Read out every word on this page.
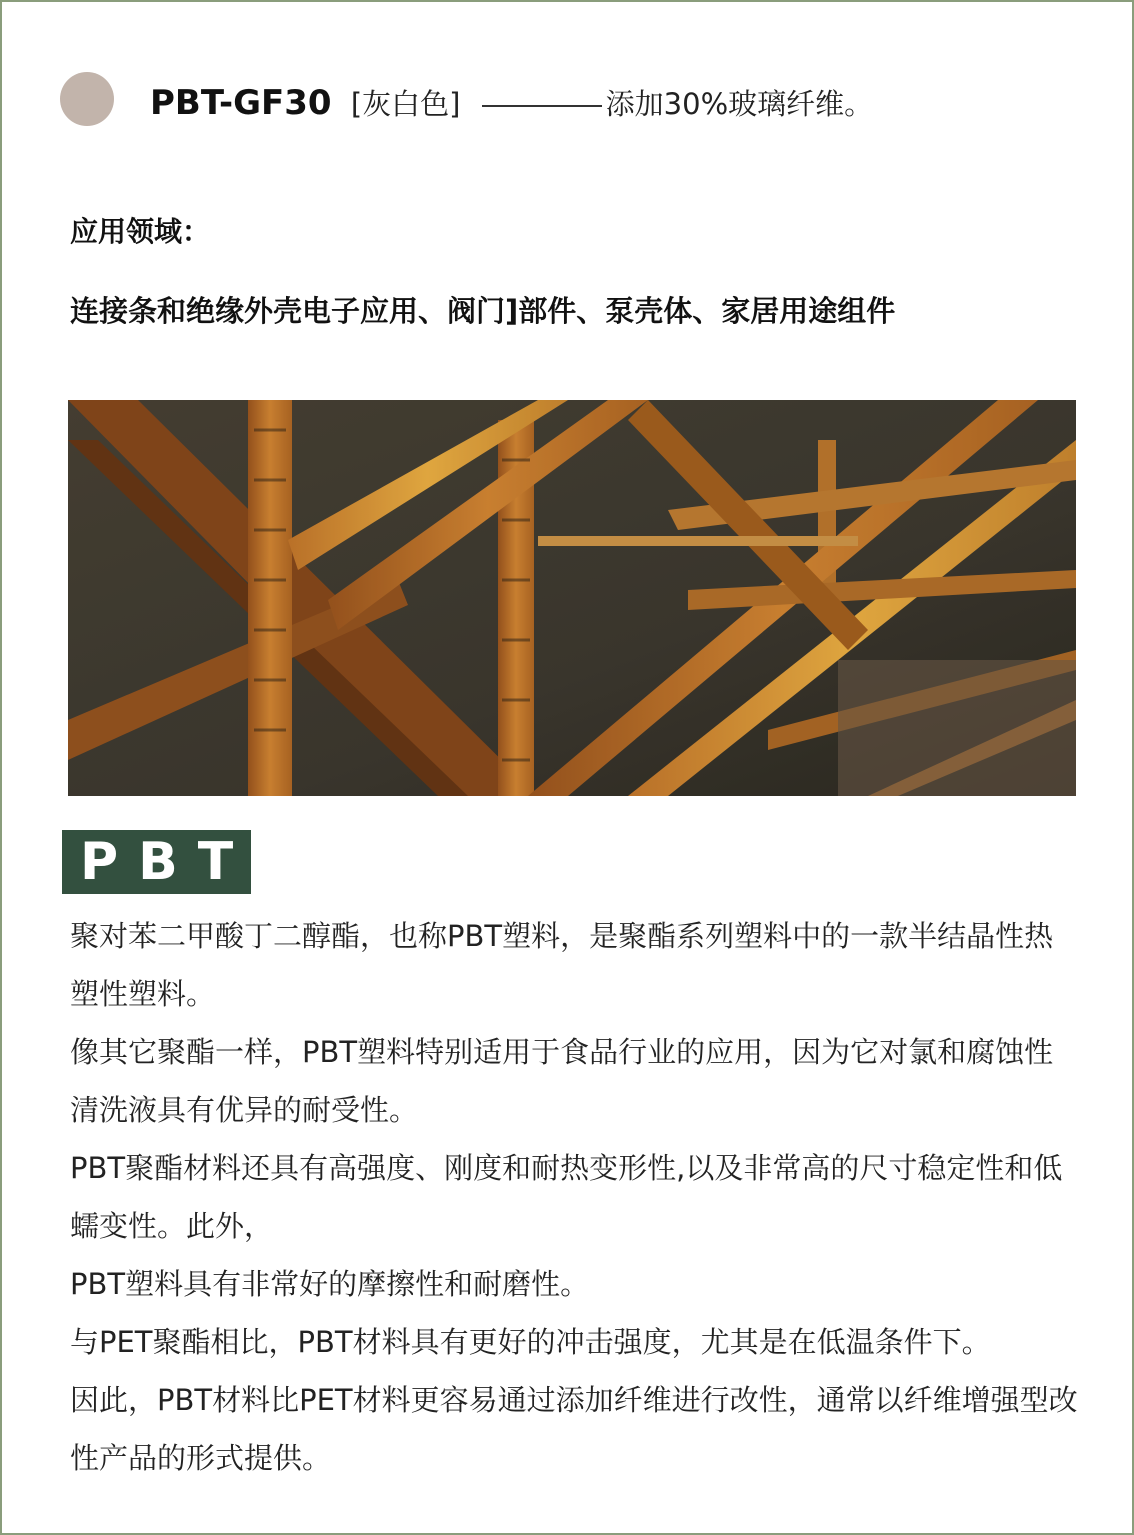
PBT-GF30 [灰白色]	添加30%玻璃纤维。
应用领域：
连接条和绝缘外壳电子应用、阀门]部件、泵壳体、家居用途组件
PBT

聚对苯二甲酸丁二醇酯，也称PBT塑料，是聚酯系列塑料中的一款半结晶性热塑性塑料。

像其它聚酯一样，PBT塑料特别适用于食品行业的应用，因为它对氯和腐蚀性清洗液具有优异的耐受性。

PBT聚酯材料还具有高强度、刚度和耐热变形性,以及非常高的尺寸稳定性和低蠕变性。此外，

PBT塑料具有非常好的摩擦性和耐磨性。

与PET聚酯相比，PBT材料具有更好的冲击强度，尤其是在低温条件下。

因此，PBT材料比PET材料更容易通过添加纤维进行改性，通常以纤维增强型改性产品的形式提供。
